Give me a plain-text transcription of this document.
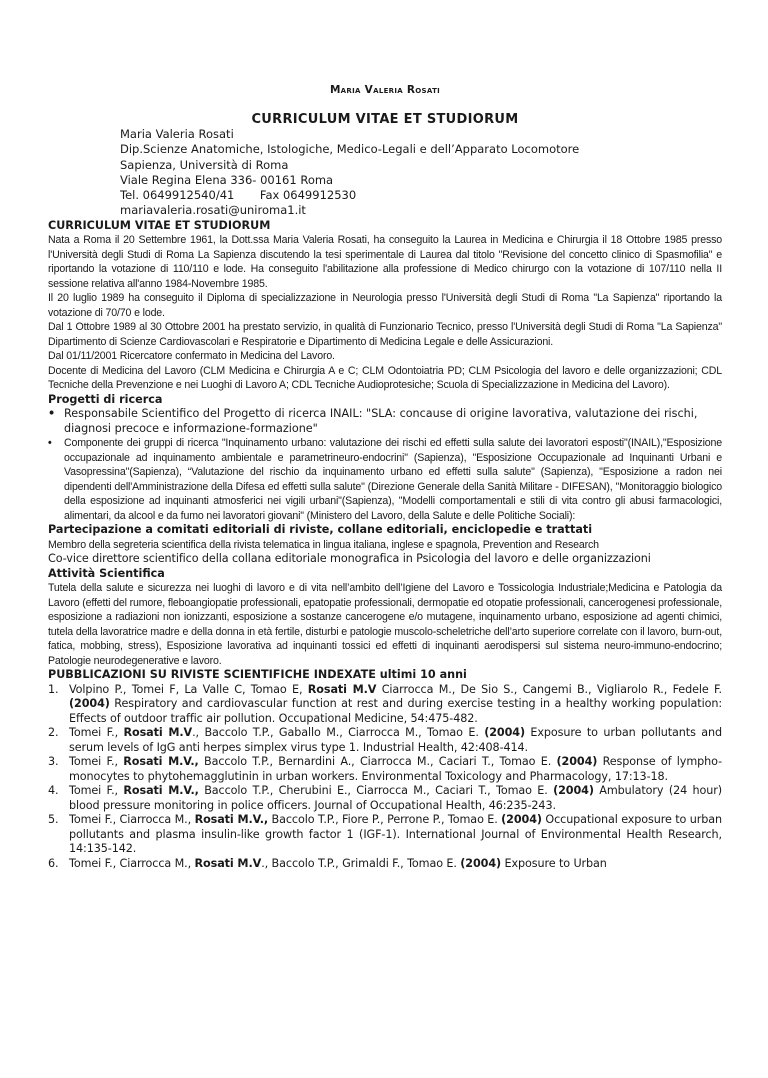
Maria Valeria Rosati
CURRICULUM VITAE ET STUDIORUM
Maria Valeria Rosati
Dip.Scienze Anatomiche, Istologiche, Medico-Legali e dell’Apparato Locomotore
Sapienza, Università di Roma
Viale Regina Elena 336- 00161 Roma
Tel. 0649912540/41       Fax 0649912530
mariavaleria.rosati@uniroma1.it
CURRICULUM VITAE ET STUDIORUM

Nata a Roma il 20 Settembre 1961, la Dott.ssa Maria Valeria Rosati, ha conseguito la Laurea in Medicina e Chirurgia il 18 Ottobre 1985 presso l'Università degli Studi di Roma La Sapienza discutendo la tesi sperimentale di Laurea dal titolo "Revisione del concetto clinico di Spasmofilia" e riportando la votazione di 110/110 e lode. Ha conseguito l'abilitazione alla professione di Medico chirurgo con la votazione di 107/110 nella II sessione relativa all'anno 1984-Novembre 1985.

Il 20 luglio 1989 ha conseguito il Diploma di specializzazione in Neurologia presso l'Università degli Studi di Roma "La Sapienza" riportando la votazione di 70/70 e lode.

Dal 1 Ottobre 1989 al 30 Ottobre 2001 ha prestato servizio, in qualità di Funzionario Tecnico, presso l'Università degli Studi di Roma "La Sapienza" Dipartimento di Scienze Cardiovascolari e Respiratorie e Dipartimento di Medicina Legale e delle Assicurazioni.

Dal 01/11/2001 Ricercatore confermato in Medicina del Lavoro.

Docente di Medicina del Lavoro (CLM Medicina e Chirurgia A e C; CLM Odontoiatria PD; CLM Psicologia del lavoro e delle organizzazioni; CDL Tecniche della Prevenzione e nei Luoghi di Lavoro A; CDL Tecniche Audioprotesiche; Scuola di Specializzazione in Medicina del Lavoro).

Progetti di ricerca
• Responsabile Scientifico del Progetto di ricerca INAIL: "SLA: concause di origine lavorativa, valutazione dei rischi, diagnosi precoce e informazione-formazione"
• Componente dei gruppi di ricerca "Inquinamento urbano: valutazione dei rischi ed effetti sulla salute dei lavoratori esposti"(INAIL),"Esposizione occupazionale ad inquinamento ambientale e parametrineuro-endocrini" (Sapienza), "Esposizione Occupazionale ad Inquinanti Urbani e Vasopressina"(Sapienza), “Valutazione del rischio da inquinamento urbano ed effetti sulla salute" (Sapienza), "Esposizione a radon nei dipendenti dell'Amministrazione della Difesa ed effetti sulla salute" (Direzione Generale della Sanità Militare - DIFESAN), "Monitoraggio biologico della esposizione ad inquinanti atmosferici nei vigili urbani"(Sapienza), "Modelli comportamentali e stili di vita contro gli abusi farmacologici, alimentari, da alcool e da fumo nei lavoratori giovani" (Ministero del Lavoro, della Salute e delle Politiche Sociali):
Partecipazione a comitati editoriali di riviste, collane editoriali, enciclopedie e trattati

Membro della segreteria scientifica della rivista telematica in lingua italiana, inglese e spagnola, Prevention and Research

Co-vice direttore scientifico della collana editoriale monografica in Psicologia del lavoro e delle organizzazioni

Attività Scientifica

Tutela della salute e sicurezza nei luoghi di lavoro e di vita nell’ambito dell’Igiene del Lavoro e Tossicologia Industriale;Medicina e Patologia da Lavoro (effetti del rumore, fleboangiopatie professionali, epatopatie professionali, dermopatie ed otopatie professionali, cancerogenesi professionale, esposizione a radiazioni non ionizzanti, esposizione a sostanze cancerogene e/o mutagene, inquinamento urbano, esposizione ad agenti chimici, tutela della lavoratrice madre e della donna in età fertile, disturbi e patologie muscolo-scheletriche dell’arto superiore correlate con il lavoro, burn-out, fatica, mobbing, stress), Esposizione lavorativa ad inquinanti tossici ed effetti di inquinanti aerodispersi sul sistema neuro-immuno-endocrino; Patologie neurodegenerative e lavoro.

PUBBLICAZIONI SU RIVISTE SCIENTIFICHE INDEXATE ultimi 10 anni
1. Volpino P., Tomei F, La Valle C, Tomao E, Rosati M.V Ciarrocca M., De Sio S., Cangemi B., Vigliarolo R., Fedele F. (2004) Respiratory and cardiovascular function at rest and during exercise testing in a healthy working population: Effects of outdoor traffic air pollution. Occupational Medicine, 54:475-482.
2. Tomei F., Rosati M.V., Baccolo T.P., Gaballo M., Ciarrocca M., Tomao E. (2004) Exposure to urban pollutants and serum levels of IgG anti herpes simplex virus type 1. Industrial Health, 42:408-414.
3. Tomei F., Rosati M.V., Baccolo T.P., Bernardini A., Ciarrocca M., Caciari T., Tomao E. (2004) Response of lympho-monocytes to phytohemagglutinin in urban workers. Environmental Toxicology and Pharmacology, 17:13-18.
4. Tomei F., Rosati M.V., Baccolo T.P., Cherubini E., Ciarrocca M., Caciari T., Tomao E. (2004) Ambulatory (24 hour) blood pressure monitoring in police officers. Journal of Occupational Health, 46:235-243.
5. Tomei F., Ciarrocca M., Rosati M.V., Baccolo T.P., Fiore P., Perrone P., Tomao E. (2004) Occupational exposure to urban pollutants and plasma insulin-like growth factor 1 (IGF-1). International Journal of Environmental Health Research, 14:135-142.
6. Tomei F., Ciarrocca M., Rosati M.V., Baccolo T.P., Grimaldi F., Tomao E. (2004) Exposure to Urban
